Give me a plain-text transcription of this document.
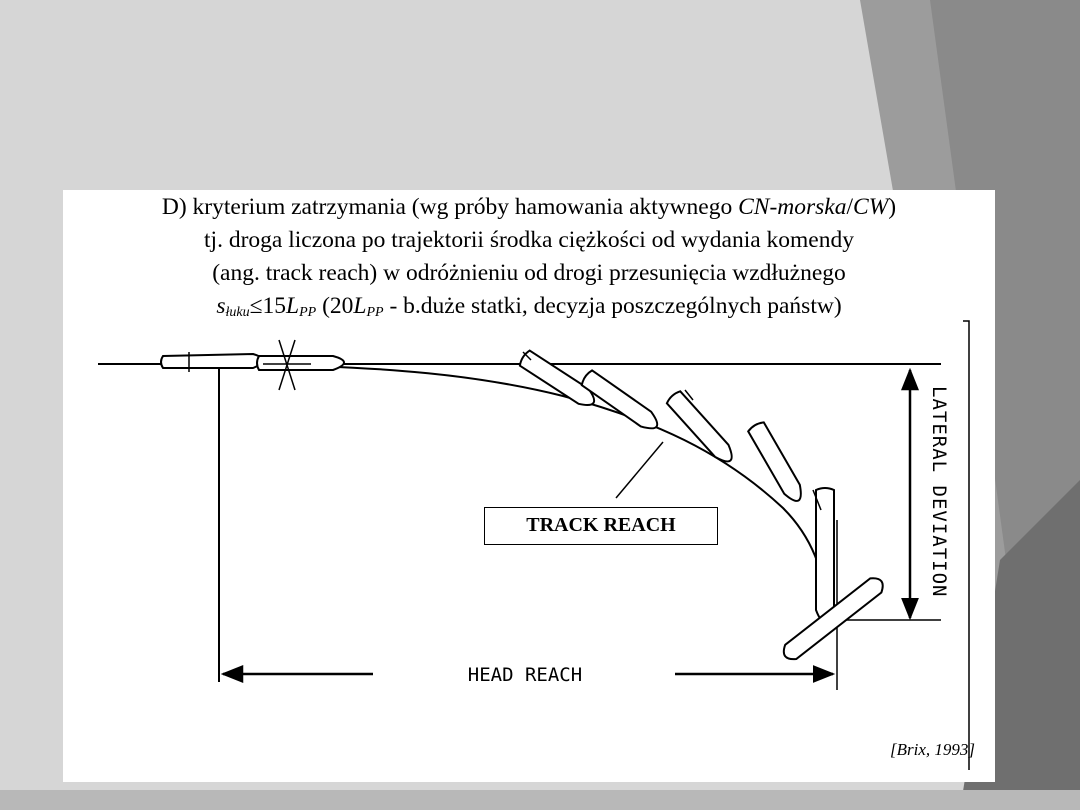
D) kryterium zatrzymania (wg próby hamowania aktywnego CN-morska/CW)
tj. droga liczona po trajektorii środka ciężkości od wydania komendy
(ang. track reach) w odróżnieniu od drogi przesunięcia wzdłużnego
$s_{łuku}\le 15L_{PP}$ ($20L_{PP}$ - b.duże statki, decyzja poszczególnych państw)
LATERAL DEVIATION
HEAD REACH
TRACK REACH
[Brix, 1993]
